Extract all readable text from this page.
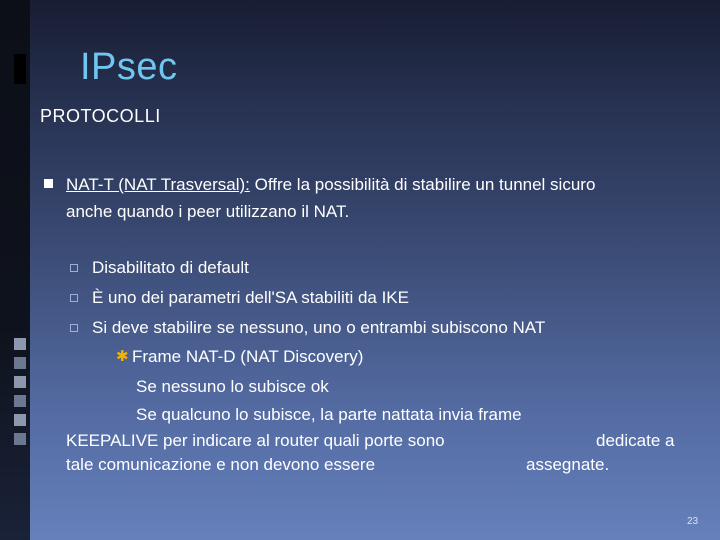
IPsec
PROTOCOLLI
NAT-T (NAT Trasversal): Offre la possibilità di stabilire un tunnel sicuro
anche quando i peer utilizzano il NAT.
Disabilitato di default
È uno dei parametri dell'SA stabiliti da IKE
Si deve stabilire se nessuno, uno o entrambi subiscono NAT
✱ Frame NAT-D (NAT Discovery)
Se nessuno lo subisce ok
Se qualcuno lo subisce, la parte nattata invia frame
KEEPALIVE per indicare al router quali porte sono	dedicate a
tale comunicazione e non devono essere	assegnate.
23
